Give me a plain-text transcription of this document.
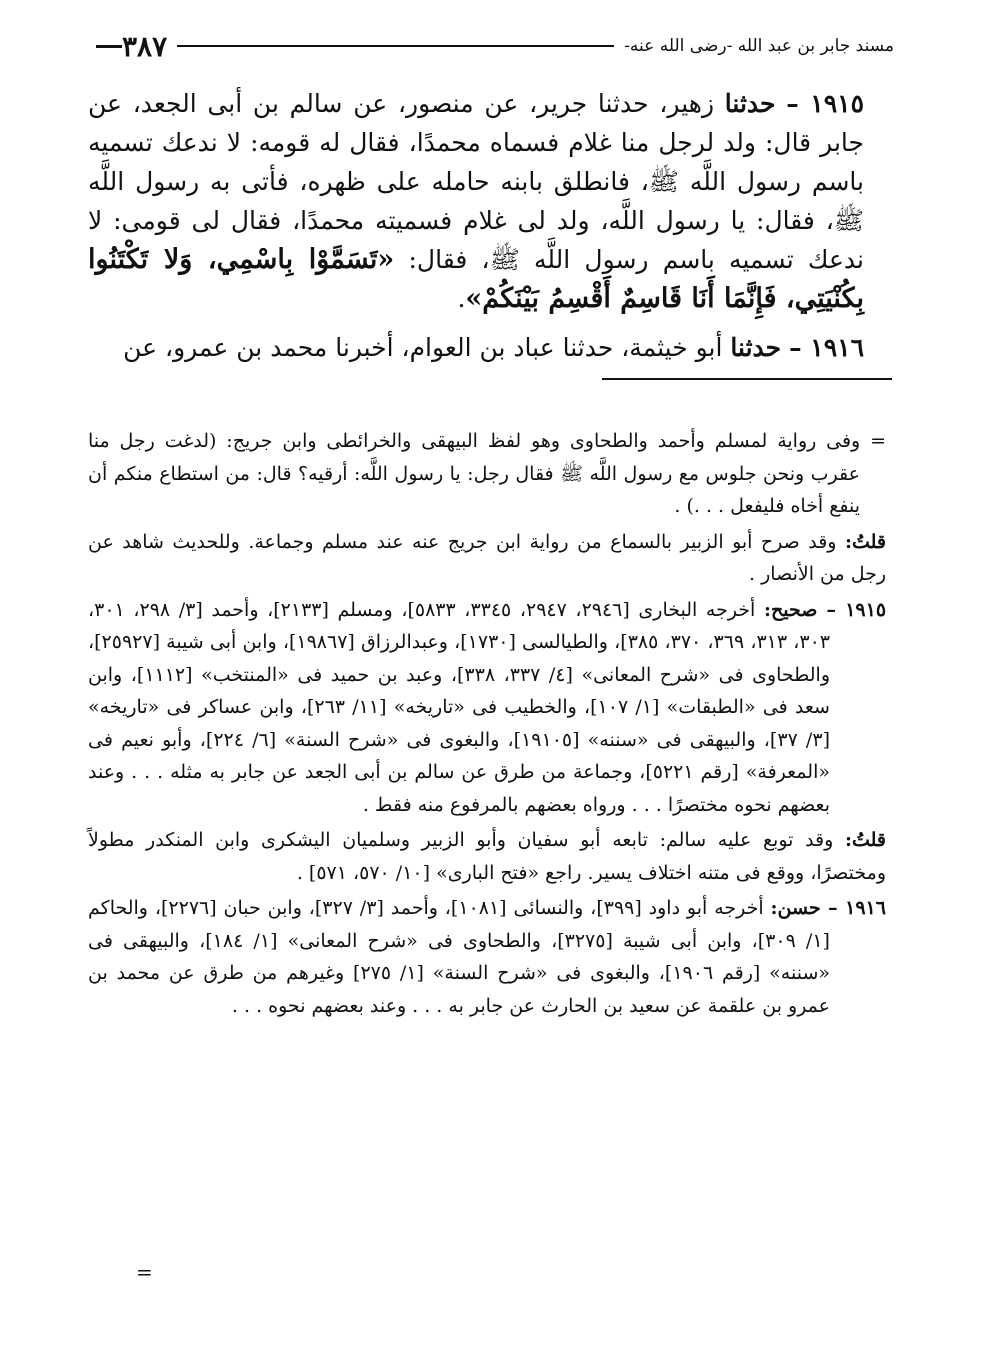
مسند جابر بن عبد الله -رضى الله عنه-
٣٨٧

١٩١٥ – حدثنا زهير، حدثنا جرير، عن منصور، عن سالم بن أبى الجعد، عن جابر قال: ولد لرجل منا غلام فسماه محمدًا، فقال له قومه: لا ندعك تسميه باسم رسول اللَّه ﷺ، فانطلق بابنه حامله على ظهره، فأتى به رسول اللَّه ﷺ، فقال: يا رسول اللَّه، ولد لى غلام فسميته محمدًا، فقال لى قومى: لا ندعك تسميه باسم رسول اللَّه ﷺ، فقال: «تَسَمَّوْا بِاسْمِي، وَلا تَكْتَنُوا بِكُنْيَتِي، فَإِنَّمَا أَنَا قَاسِمٌ أَقْسِمُ بَيْنَكُمْ».

١٩١٦ – حدثنا أبو خيثمة، حدثنا عباد بن العوام، أخبرنا محمد بن عمرو، عن

= وفى رواية لمسلم وأحمد والطحاوى وهو لفظ البيهقى والخرائطى وابن جريج: (لدغت رجل منا عقرب ونحن جلوس مع رسول اللَّه ﷺ فقال رجل: يا رسول اللَّه: أرقيه؟ قال: من استطاع منكم أن ينفع أخاه فليفعل . . .) .

قلتُ: وقد صرح أبو الزبير بالسماع من رواية ابن جريج عنه عند مسلم وجماعة. وللحديث شاهد عن رجل من الأنصار .

١٩١٥ – صحيح: أخرجه البخارى [٢٩٤٦، ٢٩٤٧، ٣٣٤٥، ٥٨٣٣]، ومسلم [٢١٣٣]، وأحمد [٣/ ٢٩٨، ٣٠١، ٣٠٣، ٣١٣، ٣٦٩، ٣٧٠، ٣٨٥]، والطيالسى [١٧٣٠]، وعبدالرزاق [١٩٨٦٧]، وابن أبى شيبة [٢٥٩٢٧]، والطحاوى فى «شرح المعانى» [٤/ ٣٣٧، ٣٣٨]، وعبد بن حميد فى «المنتخب» [١١١٢]، وابن سعد فى «الطبقات» [١/ ١٠٧]، والخطيب فى «تاريخه» [١١/ ٢٦٣]، وابن عساكر فى «تاريخه» [٣/ ٣٧]، والبيهقى فى «سننه» [١٩١٠٥]، والبغوى فى «شرح السنة» [٦/ ٢٢٤]، وأبو نعيم فى «المعرفة» [رقم ٥٢٢١]، وجماعة من طرق عن سالم بن أبى الجعد عن جابر به مثله . . . وعند بعضهم نحوه مختصرًا . . . ورواه بعضهم بالمرفوع منه فقط .

قلتُ: وقد توبع عليه سالم: تابعه أبو سفيان وأبو الزبير وسلميان اليشكرى وابن المنكدر مطولاً ومختصرًا، ووقع فى متنه اختلاف يسير. راجع «فتح البارى» [١٠/ ٥٧٠، ٥٧١] .

١٩١٦ – حسن: أخرجه أبو داود [٣٩٩]، والنسائى [١٠٨١]، وأحمد [٣/ ٣٢٧]، وابن حبان [٢٢٧٦]، والحاكم [١/ ٣٠٩]، وابن أبى شيبة [٣٢٧٥]، والطحاوى فى «شرح المعانى» [١/ ١٨٤]، والبيهقى فى «سننه» [رقم ١٩٠٦]، والبغوى فى «شرح السنة» [١/ ٢٧٥] وغيرهم من طرق عن محمد بن عمرو بن علقمة عن سعيد بن الحارث عن جابر به . . . وعند بعضهم نحوه . . .

=
